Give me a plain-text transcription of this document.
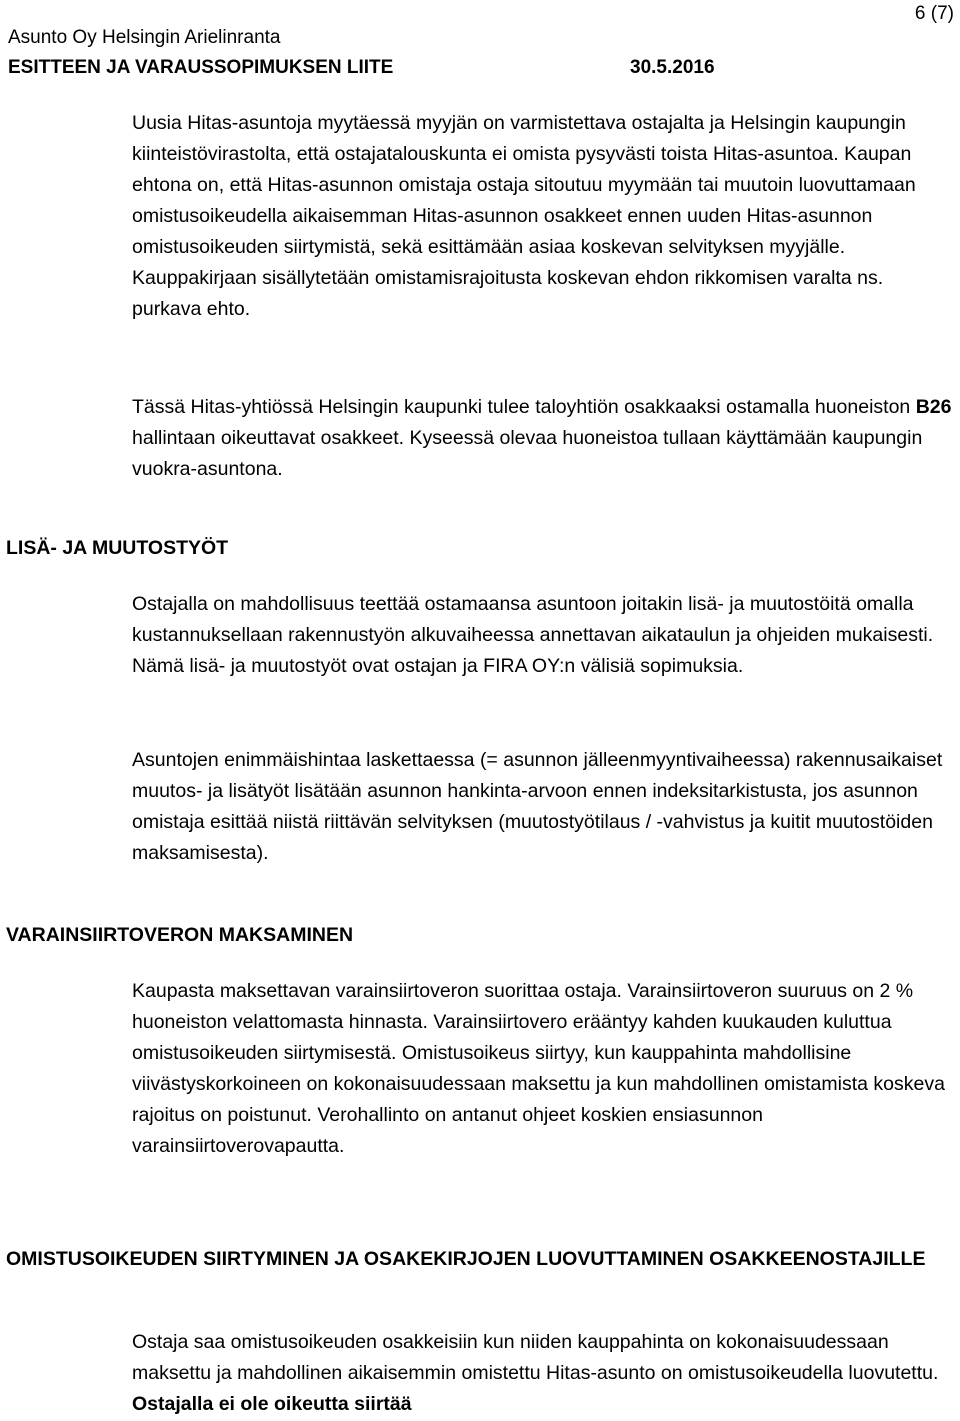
Asunto Oy Helsingin Arielinranta
ESITTEEN JA VARAUSSOPIMUKSEN LIITE	30.5.2016
6 (7)

Uusia Hitas-asuntoja myytäessä myyjän on varmistettava ostajalta ja Helsingin kaupungin kiinteistövirastolta, että ostajatalouskunta ei omista pysyvästi toista Hitas-asuntoa. Kaupan ehtona on, että Hitas-asunnon omistaja ostaja sitoutuu myymään tai muutoin luovuttamaan omistusoikeudella aikaisemman Hitas-asunnon osakkeet ennen uuden Hitas-asunnon omistusoikeuden siirtymistä, sekä esittämään asiaa koskevan selvityksen myyjälle. Kauppakirjaan sisällytetään omistamisrajoitusta koskevan ehdon rikkomisen varalta ns. purkava ehto.

Tässä Hitas-yhtiössä Helsingin kaupunki tulee taloyhtiön osakkaaksi ostamalla huoneiston B26 hallintaan oikeuttavat osakkeet. Kyseessä olevaa huoneistoa tullaan käyttämään kaupungin vuokra-asuntona.

LISÄ- JA MUUTOSTYÖT

Ostajalla on mahdollisuus teettää ostamaansa asuntoon joitakin lisä- ja muutostöitä omalla kustannuksellaan rakennustyön alkuvaiheessa annettavan aikataulun ja ohjeiden mukaisesti. Nämä lisä- ja muutostyöt ovat ostajan ja FIRA OY:n välisiä sopimuksia.

Asuntojen enimmäishintaa laskettaessa (= asunnon jälleenmyyntivaiheessa) rakennusaikaiset muutos- ja lisätyöt lisätään asunnon hankinta-arvoon ennen indeksitarkistusta, jos asunnon omistaja esittää niistä riittävän selvityksen (muutostyötilaus / -vahvistus ja kuitit muutostöiden maksamisesta).

VARAINSIIRTOVERON MAKSAMINEN

Kaupasta maksettavan varainsiirtoveron suorittaa ostaja. Varainsiirtoveron suuruus on 2 % huoneiston velattomasta hinnasta. Varainsiirtovero erääntyy kahden kuukauden kuluttua omistusoikeuden siirtymisestä. Omistusoikeus siirtyy, kun kauppahinta mahdollisine viivästyskorkoineen on kokonaisuudessaan maksettu ja kun mahdollinen omistamista koskeva rajoitus on poistunut. Verohallinto on antanut ohjeet koskien ensiasunnon varainsiirtoverovapautta.

OMISTUSOIKEUDEN SIIRTYMINEN JA OSAKEKIRJOJEN LUOVUTTAMINEN OSAKKEENOSTAJILLE

Ostaja saa omistusoikeuden osakkeisiin kun niiden kauppahinta on kokonaisuudessaan maksettu ja mahdollinen aikaisemmin omistettu Hitas-asunto on omistusoikeudella luovutettu. Ostajalla ei ole oikeutta siirtää
